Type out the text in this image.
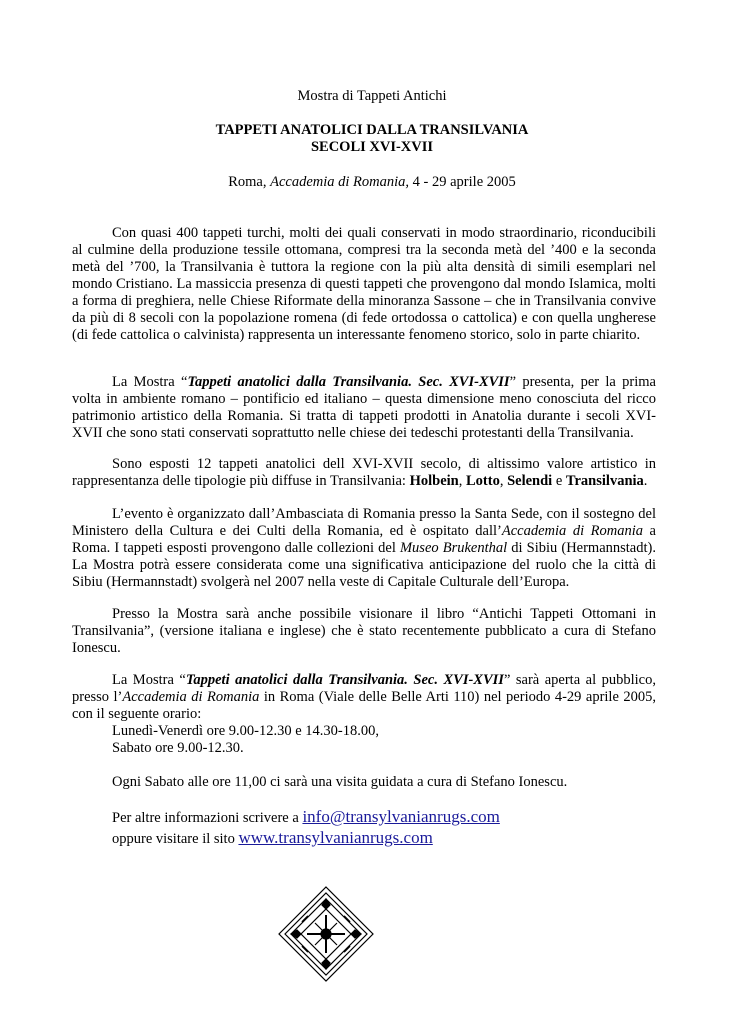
Mostra di Tappeti Antichi
TAPPETI ANATOLICI DALLA TRANSILVANIA
SECOLI XVI-XVII
Roma, Accademia di Romania, 4 - 29 aprile 2005

Con quasi 400 tappeti turchi, molti dei quali conservati in modo straordinario, riconducibili al culmine della produzione tessile ottomana, compresi tra la seconda metà del ’400 e la seconda metà del ’700, la Transilvania è tuttora la regione con la più alta densità di simili esemplari nel mondo Cristiano. La massiccia presenza di questi tappeti che provengono dal mondo Islamica, molti a forma di preghiera, nelle Chiese Riformate della minoranza Sassone – che in Transilvania convive da più di 8 secoli con la popolazione romena (di fede ortodossa o cattolica) e con quella ungherese (di fede cattolica o calvinista) rappresenta un interessante fenomeno storico, solo in parte chiarito.

La Mostra “Tappeti anatolici dalla Transilvania. Sec. XVI-XVII” presenta, per la prima volta in ambiente romano – pontificio ed italiano – questa dimensione meno conosciuta del ricco patrimonio artistico della Romania. Si tratta di tappeti prodotti in Anatolia durante i secoli XVI-XVII che sono stati conservati soprattutto nelle chiese dei tedeschi protestanti della Transilvania.

Sono esposti 12 tappeti anatolici dell XVI-XVII secolo, di altissimo valore artistico in rappresentanza delle tipologie più diffuse in Transilvania: Holbein, Lotto, Selendi e Transilvania.

L’evento è organizzato dall’Ambasciata di Romania presso la Santa Sede, con il sostegno del Ministero della Cultura e dei Culti della Romania, ed è ospitato dall’Accademia di Romania a Roma. I tappeti esposti provengono dalle collezioni del Museo Brukenthal di Sibiu (Hermannstadt). La Mostra potrà essere considerata come una significativa anticipazione del ruolo che la città di Sibiu (Hermannstadt) svolgerà nel 2007 nella veste di Capitale Culturale dell’Europa.

Presso la Mostra sarà anche possibile visionare il libro “Antichi Tappeti Ottomani in Transilvania”, (versione italiana e inglese) che è stato recentemente pubblicato a cura di Stefano Ionescu.

La Mostra “Tappeti anatolici dalla Transilvania. Sec. XVI-XVII” sarà aperta al pubblico, presso l’Accademia di Romania in Roma (Viale delle Belle Arti 110) nel periodo 4-29 aprile 2005, con il seguente orario:

Lunedì-Venerdì ore 9.00-12.30 e 14.30-18.00,
Sabato ore 9.00-12.30.
Ogni Sabato alle ore 11,00 ci sarà una visita guidata a cura di Stefano Ionescu.
Per altre informazioni scrivere a info@transylvanianrugs.com
oppure visitare il sito www.transylvanianrugs.com
